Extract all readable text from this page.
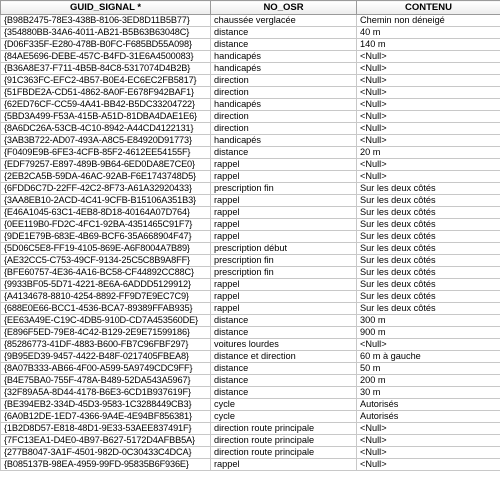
GUID_SIGNAL *	NO_OSR	CONTENU
{B98B2475-78E3-438B-8106-3ED8D11B5B77}	chaussée verglacée	Chemin non déneigé
{354880BB-34A6-4011-AB21-B5B63B63048C}	distance	40 m
{D06F335F-E280-478B-B0FC-F685BD55A098}	distance	140 m
{84AE5696-DEBE-457C-B4FD-31E6A4500083}	handicapés	<Null>
{B36A8E37-F711-4B5B-84C8-5317074D4B2B}	handicapés	<Null>
{91C363FC-EFC2-4B57-B0E4-EC6EC2FB5817}	direction	<Null>
{51FBDE2A-CD51-4862-8A0F-E678F942BAF1}	direction	<Null>
{62ED76CF-CC59-4A41-BB42-B5DC33204722}	handicapés	<Null>
{5BD3A499-F53A-415B-A51D-81DBA4DAE1E6}	direction	<Null>
{8A6DC26A-53CB-4C10-8942-A44CD4122131}	direction	<Null>
{3AB3B722-AD07-493A-A8C5-E84920D91773}	handicapés	<Null>
{F0409E9B-6FE3-4CFB-85F2-4612EE54155F}	distance	20 m
{EDF79257-E897-489B-9B64-6ED0DA8E7CE0}	rappel	<Null>
{2EB2CA5B-59DA-46AC-92AB-F6E1743748D5}	rappel	<Null>
{6FDD6C7D-22FF-42C2-8F73-A61A32920433}	prescription fin	Sur les deux côtés
{3AA8EB10-2ACD-4C41-9CFB-B15106A351B3}	rappel	Sur les deux côtés
{E46A1045-63C1-4EB8-8D18-40164A07D764}	rappel	Sur les deux côtés
{0EE119B0-FD2C-4FC1-92BA-4351465C91F7}	rappel	Sur les deux côtés
{9DE1E79B-683E-4B69-BCF6-35A668904F47}	rappel	Sur les deux côtés
{5D06C5E8-FF19-4105-869E-A6F8004A7B89}	prescription début	Sur les deux côtés
{AE32CC5-C753-49CF-9134-25C5C8B9A8FF}	prescription fin	Sur les deux côtés
{BFE60757-4E36-4A16-BC58-CF44892CC88C}	prescription fin	Sur les deux côtés
{9933BF05-5D71-4221-8E6A-6ADDD5129912}	rappel	Sur les deux côtés
{A4134678-8810-4254-8892-FF9D7E9EC7C9}	rappel	Sur les deux côtés
{688E0E66-BCC1-4536-BCA7-89389FFAB935}	rappel	Sur les deux côtés
{EE63A49E-C19C-4DB5-910D-CD7A453560DE}	distance	300 m
{E896F5ED-79E8-4C42-B129-2E9E71599186}	distance	900 m
{85286773-41DF-4883-B600-FB7C96FBF297}	voitures lourdes	<Null>
{9B95ED39-9457-4422-B48F-0217405FBEA8}	distance et direction	60 m à gauche
{8A07B333-AB66-4F00-A599-5A9749CDC9FF}	distance	50 m
{B4E75BA0-755F-478A-B489-52DA543A5967}	distance	200 m
{32F89A5A-8D44-4178-B6E3-6CD1B937619F}	distance	30 m
{BE394EB2-334D-45D3-9583-1C3288449CB3}	cycle	Autorisés
{6A0B12DE-1ED7-4366-9A4E-4E94BF856381}	cycle	Autorisés
{1B2D8D57-E818-48D1-9E33-53AEE837491F}	direction route principale	<Null>
{7FC13EA1-D4E0-4B97-B627-5172D4AFBB5A}	direction route principale	<Null>
{277B8047-3A1F-4501-982D-0C30433C4DCA}	direction route principale	<Null>
{B085137B-98EA-4959-99FD-95835B6F936E}	rappel	<Null>
